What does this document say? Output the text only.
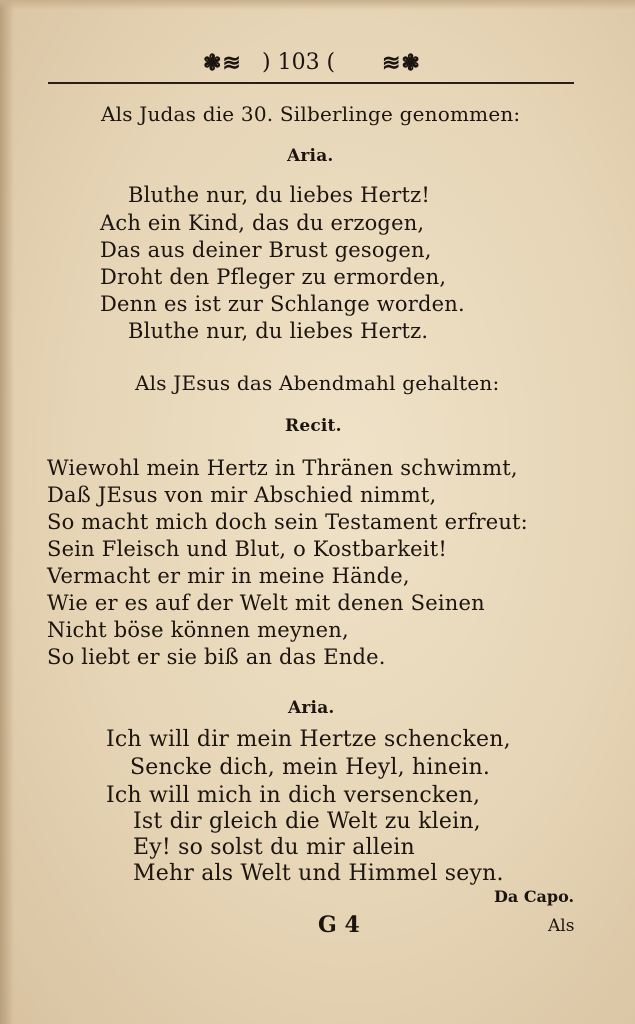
❃≋ ) 103 ( ≋❃
Als Judas die 30. Silberlinge genommen:
Aria.
Bluthe nur, du liebes Hertz!
Ach ein Kind, das du erzogen,
Das aus deiner Brust gesogen,
Droht den Pfleger zu ermorden,
Denn es ist zur Schlange worden.
Bluthe nur, du liebes Hertz.
Als JEsus das Abendmahl gehalten:
Recit.
Wiewohl mein Hertz in Thränen schwimmt,
Daß JEsus von mir Abschied nimmt,
So macht mich doch sein Testament erfreut:
Sein Fleisch und Blut, o Kostbarkeit!
Vermacht er mir in meine Hände,
Wie er es auf der Welt mit denen Seinen
Nicht böse können meynen,
So liebt er sie biß an das Ende.
Aria.
Ich will dir mein Hertze schencken,
Sencke dich, mein Heyl, hinein.
Ich will mich in dich versencken,
Ist dir gleich die Welt zu klein,
Ey! so solst du mir allein
Mehr als Welt und Himmel seyn.
Da Capo.
G 4	Als
